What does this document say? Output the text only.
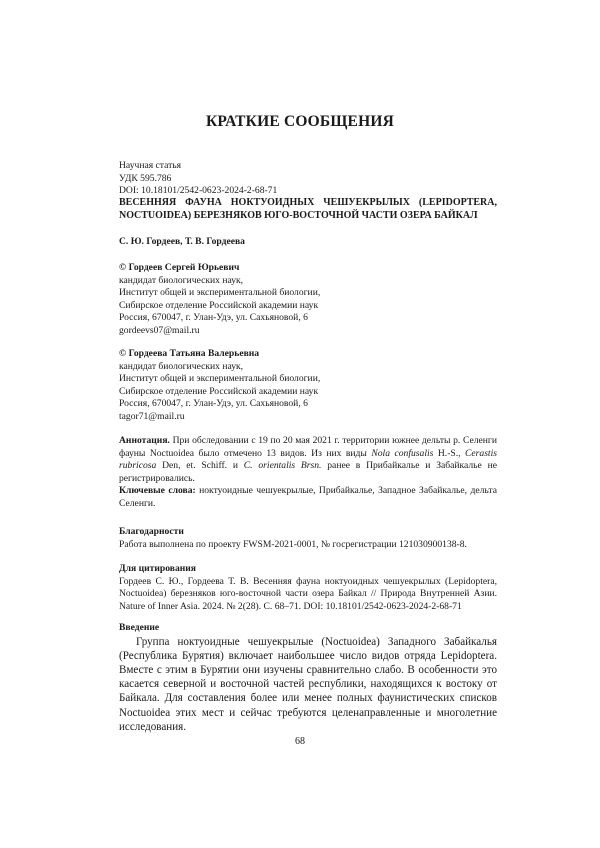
КРАТКИЕ СООБЩЕНИЯ

Научная статья

УДК 595.786

DOI: 10.18101/2542-0623-2024-2-68-71

ВЕСЕННЯЯ ФАУНА НОКТУОИДНЫХ ЧЕШУЕКРЫЛЫХ (LEPIDOPTERA, NOCTUOIDEA) БЕРЕЗНЯКОВ ЮГО-ВОСТОЧНОЙ ЧАСТИ ОЗЕРА БАЙКАЛ

С. Ю. Гордеев, Т. В. Гордеева

© Гордеев Сергей Юрьевич

кандидат биологических наук,

Институт общей и экспериментальной биологии,

Сибирское отделение Российской академии наук

Россия, 670047, г. Улан-Удэ, ул. Сахьяновой, 6

gordeevs07@mail.ru

© Гордеева Татьяна Валерьевна

кандидат биологических наук,

Институт общей и экспериментальной биологии,

Сибирское отделение Российской академии наук

Россия, 670047, г. Улан-Удэ, ул. Сахьяновой, 6

tagor71@mail.ru

Аннотация. При обследовании с 19 по 20 мая 2021 г. территории южнее дельты р. Селенги фауны Noctuoidea было отмечено 13 видов. Из них виды Nola confusalis H.-S., Cerastis rubricosa Den, et. Schiff. и C. orientalis Brsn. ранее в Прибайкалье и Забайкалье не регистрировались.

Ключевые слова: ноктуоидные чешуекрылые, Прибайкалье, Западное Забайкалье, дельта Селенги.

Благодарности

Работа выполнена по проекту FWSM-2021-0001, № госрегистрации 121030900138-8.

Для цитирования

Гордеев С. Ю., Гордеева Т. В. Весенняя фауна ноктуоидных чешуекрылых (Lepidoptera, Noctuoidea) березняков юго-восточной части озера Байкал // Природа Внутренней Азии. Nature of Inner Asia. 2024. № 2(28). С. 68–71. DOI: 10.18101/2542-0623-2024-2-68-71

Введение

Группа ноктуоидные чешуекрылые (Noctuoidea) Западного Забайкалья (Республика Бурятия) включает наибольшее число видов отряда Lepidoptera. Вместе с этим в Бурятии они изучены сравнительно слабо. В особенности это касается северной и восточной частей республики, находящихся к востоку от Байкала. Для составления более или менее полных фаунистических списков Noctuoidea этих мест и сейчас требуются целенаправленные и многолетние исследования.

68
